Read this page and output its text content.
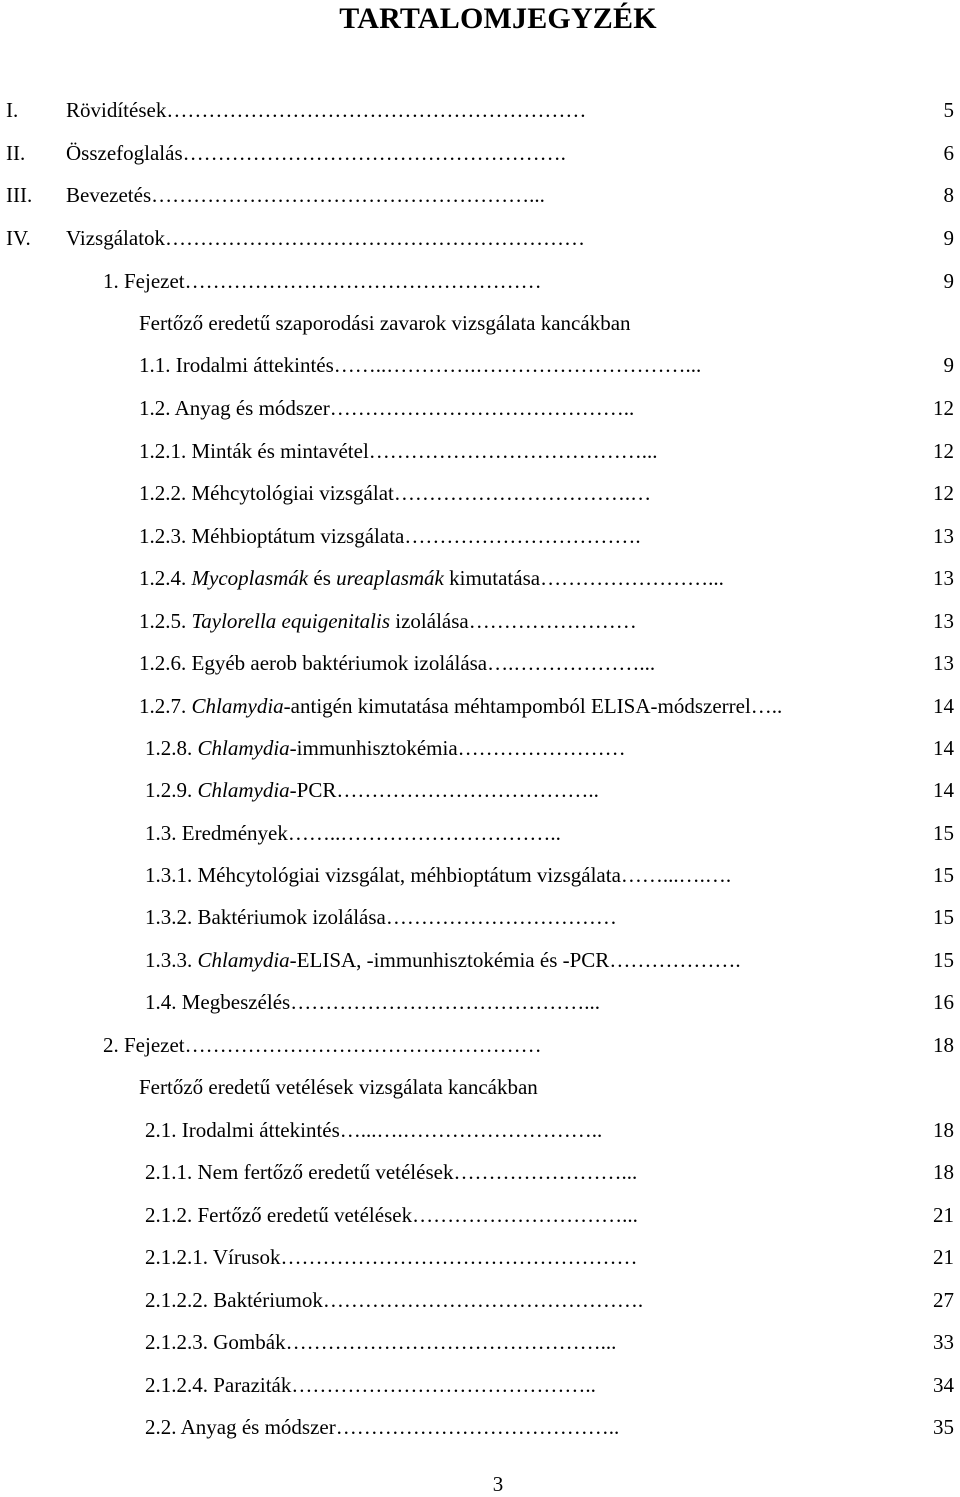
TARTALOMJEGYZÉK
I. Rövidítések……………………………………………………	5
II. Összefoglalás……………………………………………….	6
III. Bevezetés………………………………………………...	8
IV. Vizsgálatok……………………………………………………	9
1. Fejezet……………………………………………	9
Fertőző eredetű szaporodási zavarok vizsgálata kancákban
1.1. Irodalmi áttekintés……..………….…………………………...	9
1.2. Anyag és módszer……………………………………..	12
1.2.1. Minták és mintavétel…………………………………...	12
1.2.2. Méhcytológiai vizsgálat…………………………….…	12
1.2.3. Méhbioptátum vizsgálata…………………………….	13
1.2.4. Mycoplasmák és ureaplasmák kimutatása……………………...	13
1.2.5. Taylorella equigenitalis izolálása……………………	13
1.2.6. Egyéb aerob baktériumok izolálása….………………...	13
1.2.7. Chlamydia-antigén kimutatása méhtampomból ELISA-módszerrel…..	14
1.2.8. Chlamydia-immunhisztokémia……………………	14
1.2.9. Chlamydia-PCR………………………………..	14
1.3. Eredmények……..…………………………..	15
1.3.1. Méhcytológiai vizsgálat, méhbioptátum vizsgálata……...….….	15
1.3.2. Baktériumok izolálása……………………………	15
1.3.3. Chlamydia-ELISA, -immunhisztokémia és -PCR……………….	15
1.4. Megbeszélés……………………………………...	16
2. Fejezet……………………………………………	18
Fertőző eredetű vetélések vizsgálata kancákban
2.1. Irodalmi áttekintés…...….………………………..	18
2.1.1. Nem fertőző eredetű vetélések……………………...	18
2.1.2. Fertőző eredetű vetélések…………………………...	21
2.1.2.1. Vírusok……………………………………………	21
2.1.2.2. Baktériumok……………………………………….	27
2.1.2.3. Gombák………………………………………...	33
2.1.2.4. Paraziták……………………………………..	34
2.2. Anyag és módszer…………………………………..	35
3
